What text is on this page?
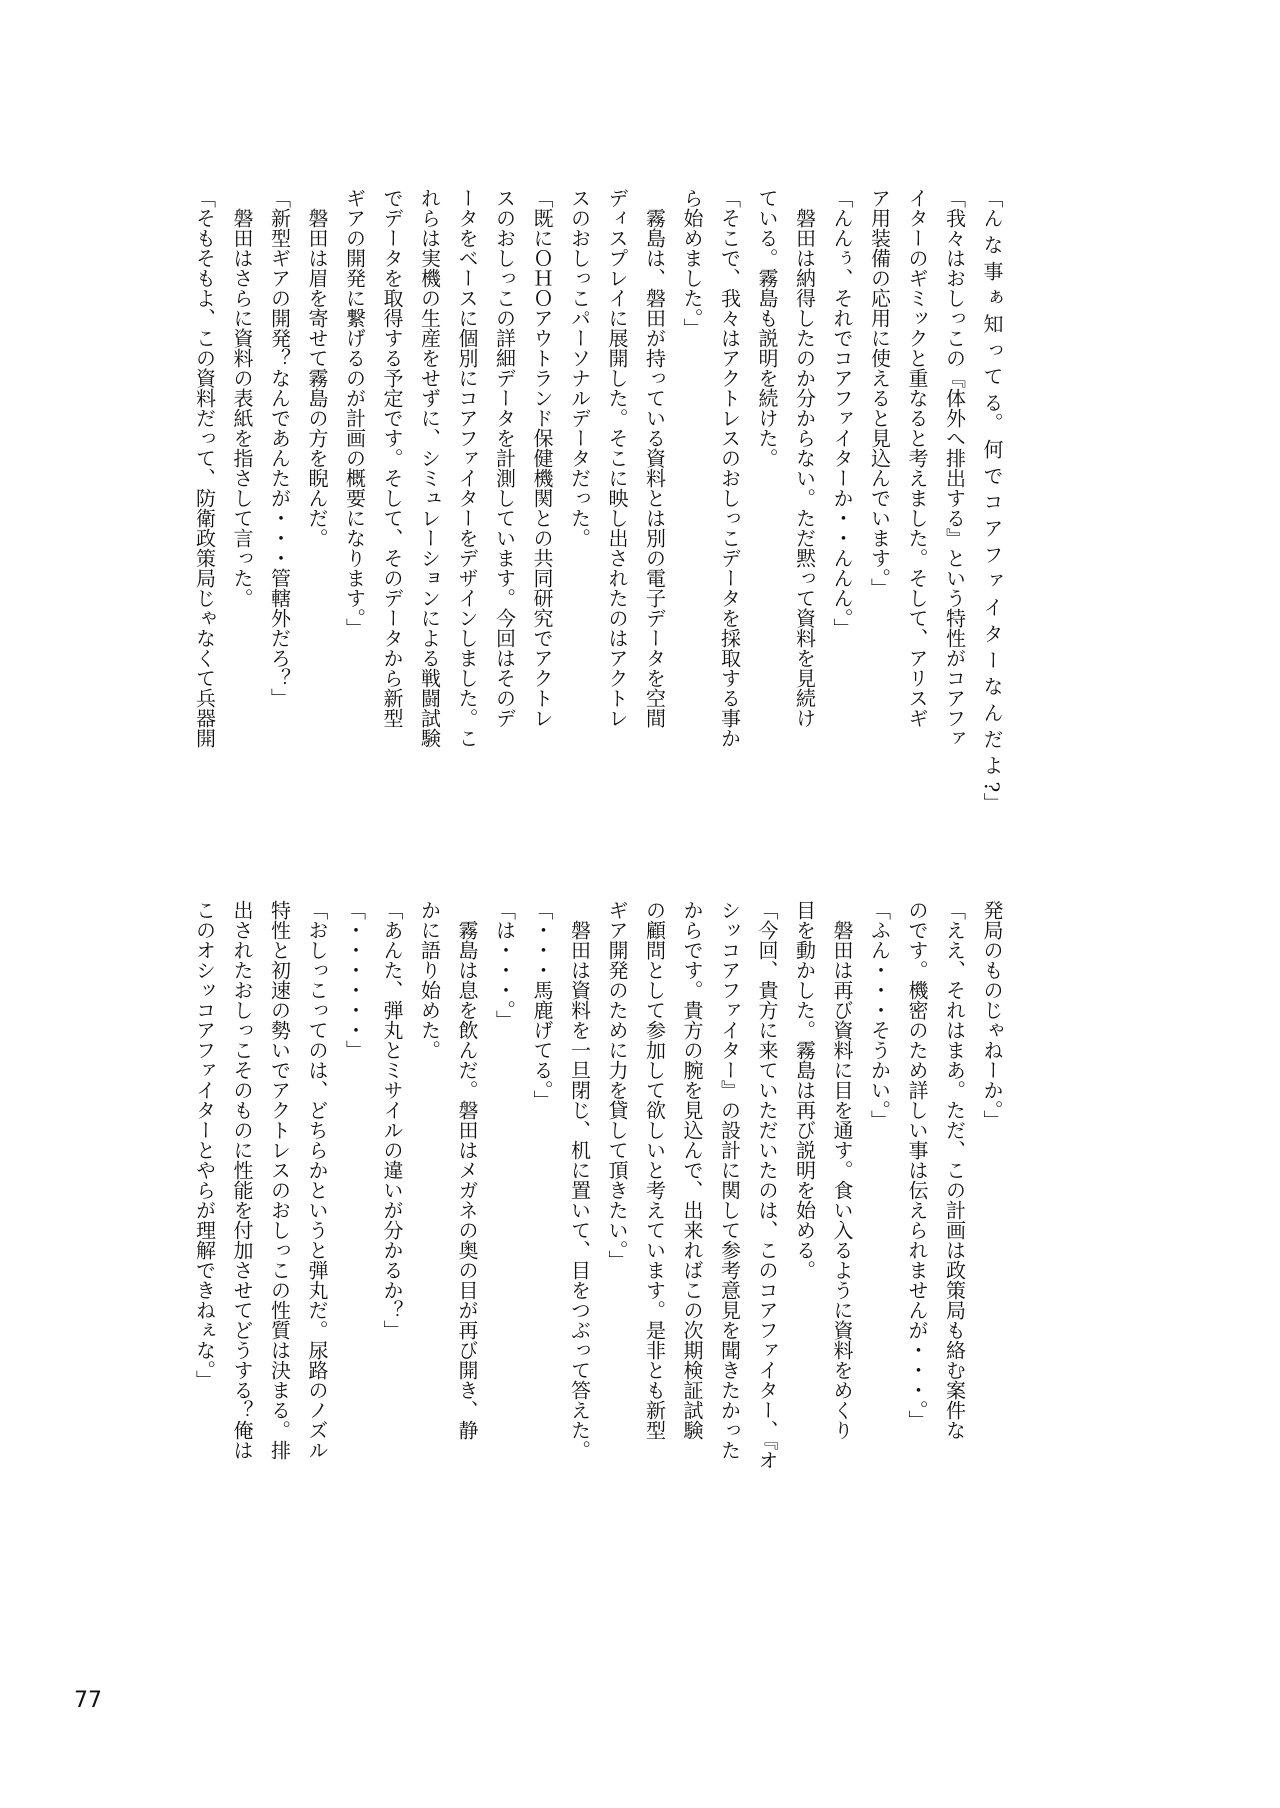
「ん な 事 ぁ 知 っ て る。 何 で コ ア フ ァ イ タ ー な ん だ よ ?」
「我々はおしっこの『体外へ排出する』という特性がコアファ
イターのギミックと重なると考えました。そして、アリスギ
ア用装備の応用に使えると見込んでいます。」
「んんぅ、それでコアファイターか・・んんん。」
　磐田は納得したのか分からない。ただ黙って資料を見続け
ている。霧島も説明を続けた。
「そこで、我々はアクトレスのおしっこデータを採取する事か
ら始めました。」
　霧島は、磐田が持っている資料とは別の電子データを空間
ディスプレイに展開した。そこに映し出されたのはアクトレ
スのおしっこパーソナルデータだった。
「既にＯＨＯアウトランド保健機関との共同研究でアクトレ
スのおしっこの詳細データを計測しています。今回はそのデ
ータをベースに個別にコアファイターをデザインしました。こ
れらは実機の生産をせずに、シミュレーションによる戦闘試験
でデータを取得する予定です。そして、そのデータから新型
ギアの開発に繋げるのが計画の概要になります。」
　磐田は眉を寄せて霧島の方を睨んだ。
「新型ギアの開発？なんであんたが・・・管轄外だろ？」
　磐田はさらに資料の表紙を指さして言った。
「そもそもよ、この資料だって、防衛政策局じゃなくて兵器開
発局のものじゃねーか。」
「ええ、それはまあ。ただ、この計画は政策局も絡む案件な
のです。機密のため詳しい事は伝えられませんが・・・。」
「ふん・・・そうかい。」
　磐田は再び資料に目を通す。食い入るように資料をめくり
目を動かした。霧島は再び説明を始める。
「今回、貴方に来ていただいたのは、このコアファイター、『オ
シッコアファイター』の設計に関して参考意見を聞きたかった
からです。貴方の腕を見込んで、出来ればこの次期検証試験
の顧問として参加して欲しいと考えています。是非とも新型
ギア開発のために力を貸して頂きたい。」
　磐田は資料を一旦閉じ、机に置いて、目をつぶって答えた。
「・・・馬鹿げてる。」
「は・・・。」
　霧島は息を飲んだ。磐田はメガネの奥の目が再び開き、静
かに語り始めた。
「あんた、弾丸とミサイルの違いが分かるか？」
「・・・・・・」
「おしっこってのは、どちらかというと弾丸だ。尿路のノズル
特性と初速の勢いでアクトレスのおしっこの性質は決まる。排
出されたおしっこそのものに性能を付加させてどうする？俺は
このオシッコアファイターとやらが理解できねぇな。」
77
